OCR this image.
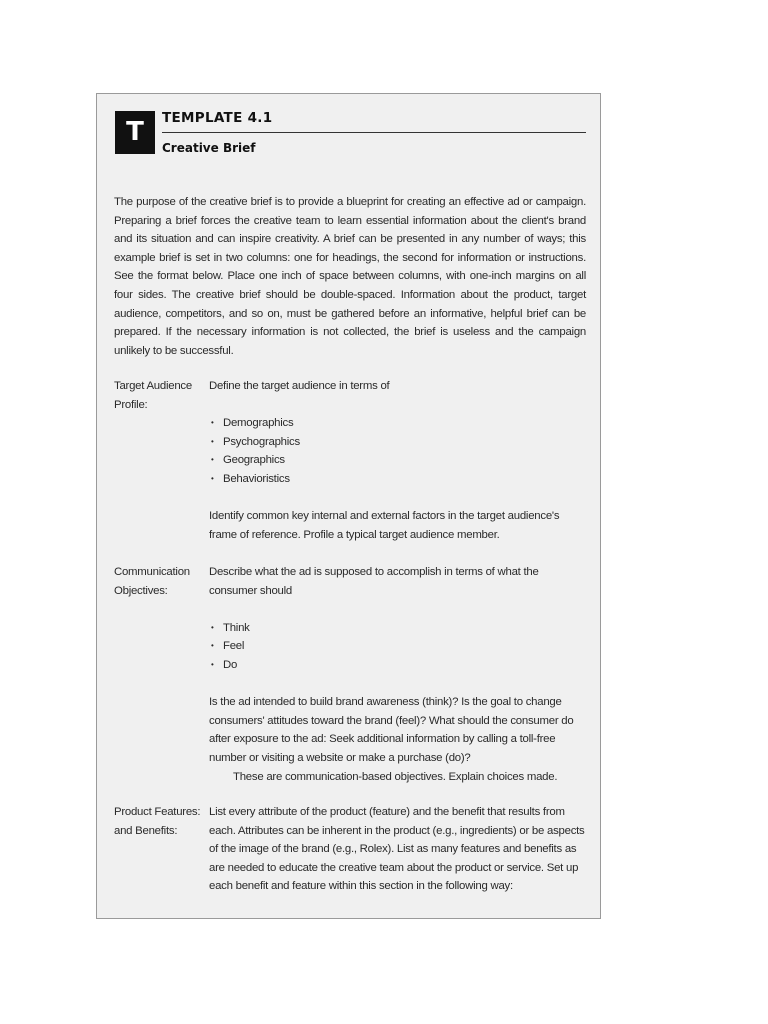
T	TEMPLATE 4.1
Creative Brief
The purpose of the creative brief is to provide a blueprint for creating an effective ad or campaign. Preparing a brief forces the creative team to learn essential information about the client's brand and its situation and can inspire creativity. A brief can be presented in any number of ways; this example brief is set in two columns: one for headings, the second for information or instructions. See the format below. Place one inch of space between columns, with one-inch margins on all four sides. The creative brief should be double-spaced. Information about the product, target audience, competitors, and so on, must be gathered before an informative, helpful brief can be prepared. If the necessary information is not collected, the brief is useless and the campaign unlikely to be successful.
Target Audience Profile:

Define the target audience in terms of

• Demographics
• Psychographics
• Geographics
• Behavioristics

Identify common key internal and external factors in the target audience's frame of reference. Profile a typical target audience member.

Communication Objectives:

Describe what the ad is supposed to accomplish in terms of what the consumer should

• Think
• Feel
• Do

Is the ad intended to build brand awareness (think)? Is the goal to change consumers' attitudes toward the brand (feel)? What should the consumer do after exposure to the ad: Seek additional information by calling a toll-free number or visiting a website or make a purchase (do)?

These are communication-based objectives. Explain choices made.

Product Features: and Benefits:

List every attribute of the product (feature) and the benefit that results from each. Attributes can be inherent in the product (e.g., ingredients) or be aspects of the image of the brand (e.g., Rolex). List as many features and benefits as are needed to educate the creative team about the product or service. Set up each benefit and feature within this section in the following way:
